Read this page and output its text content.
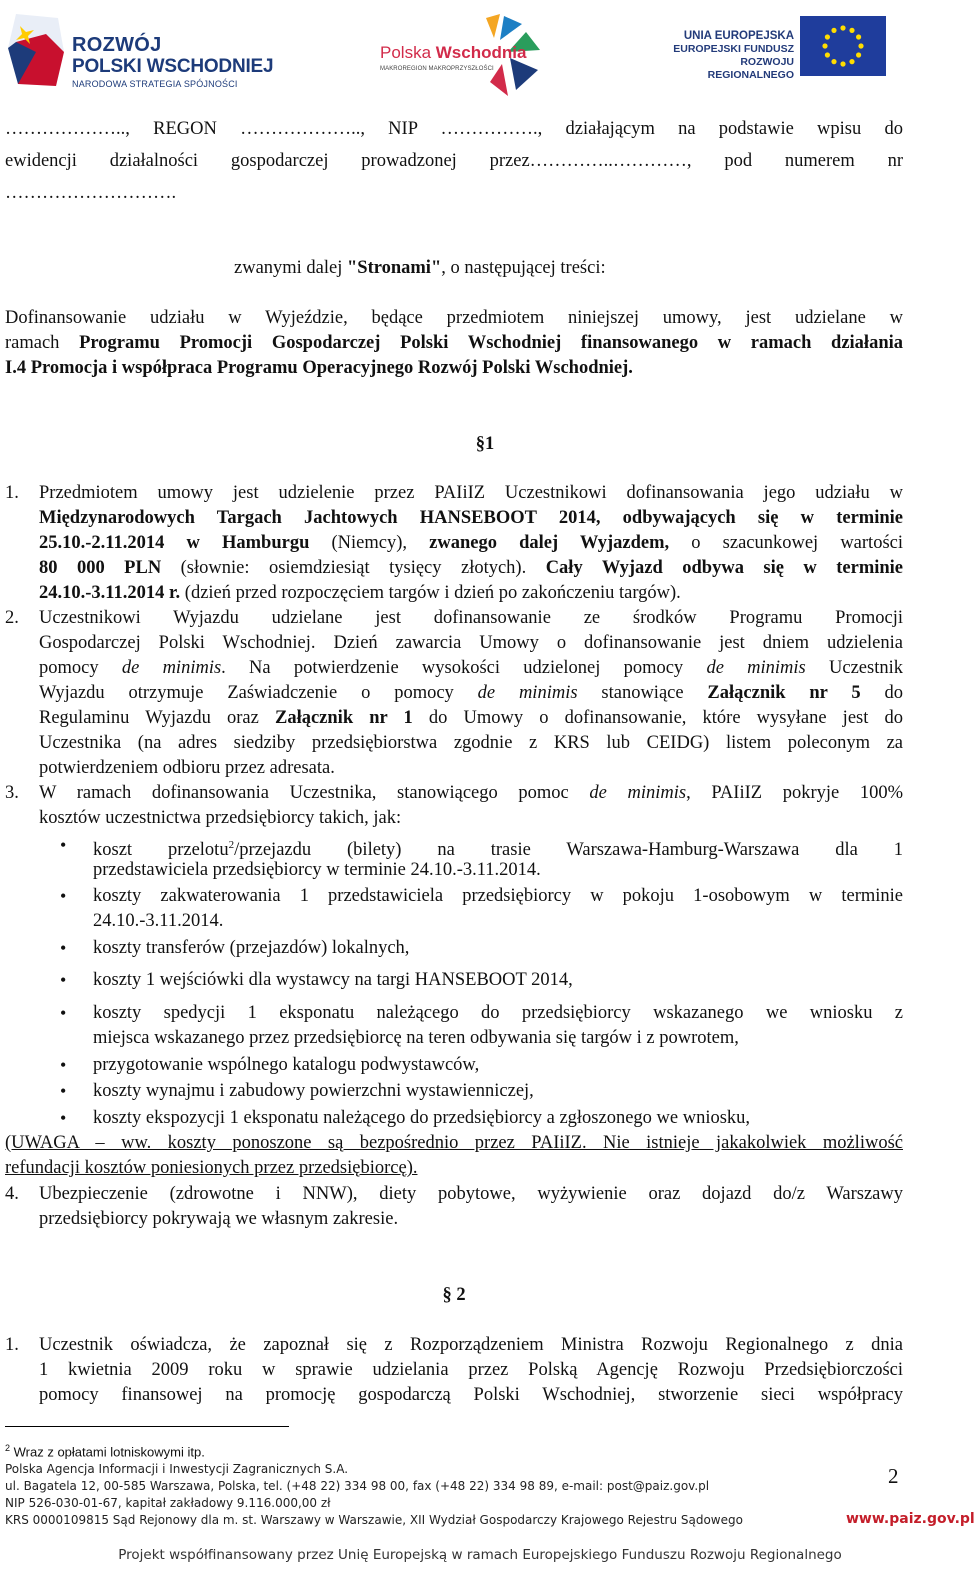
ROZWÓJ
POLSKI WSCHODNIEJ
NARODOWA STRATEGIA SPÓJNOŚCI
Polska Wschodnia
MAKROREGION MAKROPRZYSZŁOŚCI
UNIA EUROPEJSKA
EUROPEJSKI FUNDUSZ
ROZWOJU REGIONALNEGO
……………….., REGON ……………….., NIP ……………., działającym na podstawie wpisu do
ewidencji działalności gospodarczej prowadzonej przez…………..…………, pod numerem nr
……………………….
zwanymi dalej "Stronami", o następującej treści:
Dofinansowanie udziału w Wyjeździe, będące przedmiotem niniejszej umowy, jest udzielane w
ramach Programu Promocji Gospodarczej Polski Wschodniej finansowanego w ramach działania
I.4 Promocja i współpraca Programu Operacyjnego Rozwój Polski Wschodniej.
§1
1. Przedmiotem umowy jest udzielenie przez PAIiIZ Uczestnikowi dofinansowania jego udziału w
Międzynarodowych Targach Jachtowych HANSEBOOT 2014, odbywających się w terminie
25.10.-2.11.2014 w Hamburgu (Niemcy), zwanego dalej Wyjazdem, o szacunkowej wartości
80 000 PLN (słownie: osiemdziesiąt tysięcy złotych). Cały Wyjazd odbywa się w terminie
24.10.-3.11.2014 r. (dzień przed rozpoczęciem targów i dzień po zakończeniu targów).
2. Uczestnikowi Wyjazdu udzielane jest dofinansowanie ze środków Programu Promocji
Gospodarczej Polski Wschodniej. Dzień zawarcia Umowy o dofinansowanie jest dniem udzielenia
pomocy de minimis. Na potwierdzenie wysokości udzielonej pomocy de minimis Uczestnik
Wyjazdu otrzymuje Zaświadczenie o pomocy de minimis stanowiące Załącznik nr 5 do
Regulaminu Wyjazdu oraz Załącznik nr 1 do Umowy o dofinansowanie, które wysyłane jest do
Uczestnika (na adres siedziby przedsiębiorstwa zgodnie z KRS lub CEIDG) listem poleconym za
potwierdzeniem odbioru przez adresata.
3. W ramach dofinansowania Uczestnika, stanowiącego pomoc de minimis, PAIiIZ pokryje 100%
kosztów uczestnictwa przedsiębiorcy takich, jak:
• koszt przelotu$^2$/przejazdu (bilety) na trasie Warszawa-Hamburg-Warszawa dla 1
przedstawiciela przedsiębiorcy w terminie 24.10.-3.11.2014.
• koszty zakwaterowania 1 przedstawiciela przedsiębiorcy w pokoju 1-osobowym w terminie
24.10.-3.11.2014.
• koszty transferów (przejazdów) lokalnych,
• koszty 1 wejściówki dla wystawcy na targi HANSEBOOT 2014,
• koszty spedycji 1 eksponatu należącego do przedsiębiorcy wskazanego we wniosku z
miejsca wskazanego przez przedsiębiorcę na teren odbywania się targów i z powrotem,
• przygotowanie wspólnego katalogu podwystawców,
• koszty wynajmu i zabudowy powierzchni wystawienniczej,
• koszty ekspozycji 1 eksponatu należącego do przedsiębiorcy a zgłoszonego we wniosku,
(UWAGA – ww. koszty ponoszone są bezpośrednio przez PAIiIZ. Nie istnieje jakakolwiek możliwość
refundacji kosztów poniesionych przez przedsiębiorcę).
4. Ubezpieczenie (zdrowotne i NNW), diety pobytowe, wyżywienie oraz dojazd do/z Warszawy
przedsiębiorcy pokrywają we własnym zakresie.
§ 2
1. Uczestnik oświadcza, że zapoznał się z Rozporządzeniem Ministra Rozwoju Regionalnego z dnia
1 kwietnia 2009 roku w sprawie udzielania przez Polską Agencję Rozwoju Przedsiębiorczości
pomocy finansowej na promocję gospodarczą Polski Wschodniej, stworzenie sieci współpracy
$^2$ Wraz z opłatami lotniskowymi itp.
Polska Agencja Informacji i Inwestycji Zagranicznych S.A.
ul. Bagatela 12, 00-585 Warszawa, Polska, tel. (+48 22) 334 98 00, fax (+48 22) 334 98 89, e-mail: post@paiz.gov.pl
NIP 526-030-01-67, kapitał zakładowy 9.116.000,00 zł
KRS 0000109815 Sąd Rejonowy dla m. st. Warszawy w Warszawie, XII Wydział Gospodarczy Krajowego Rejestru Sądowego
2
www.paiz.gov.pl
Projekt współfinansowany przez Unię Europejską w ramach Europejskiego Funduszu Rozwoju Regionalnego
